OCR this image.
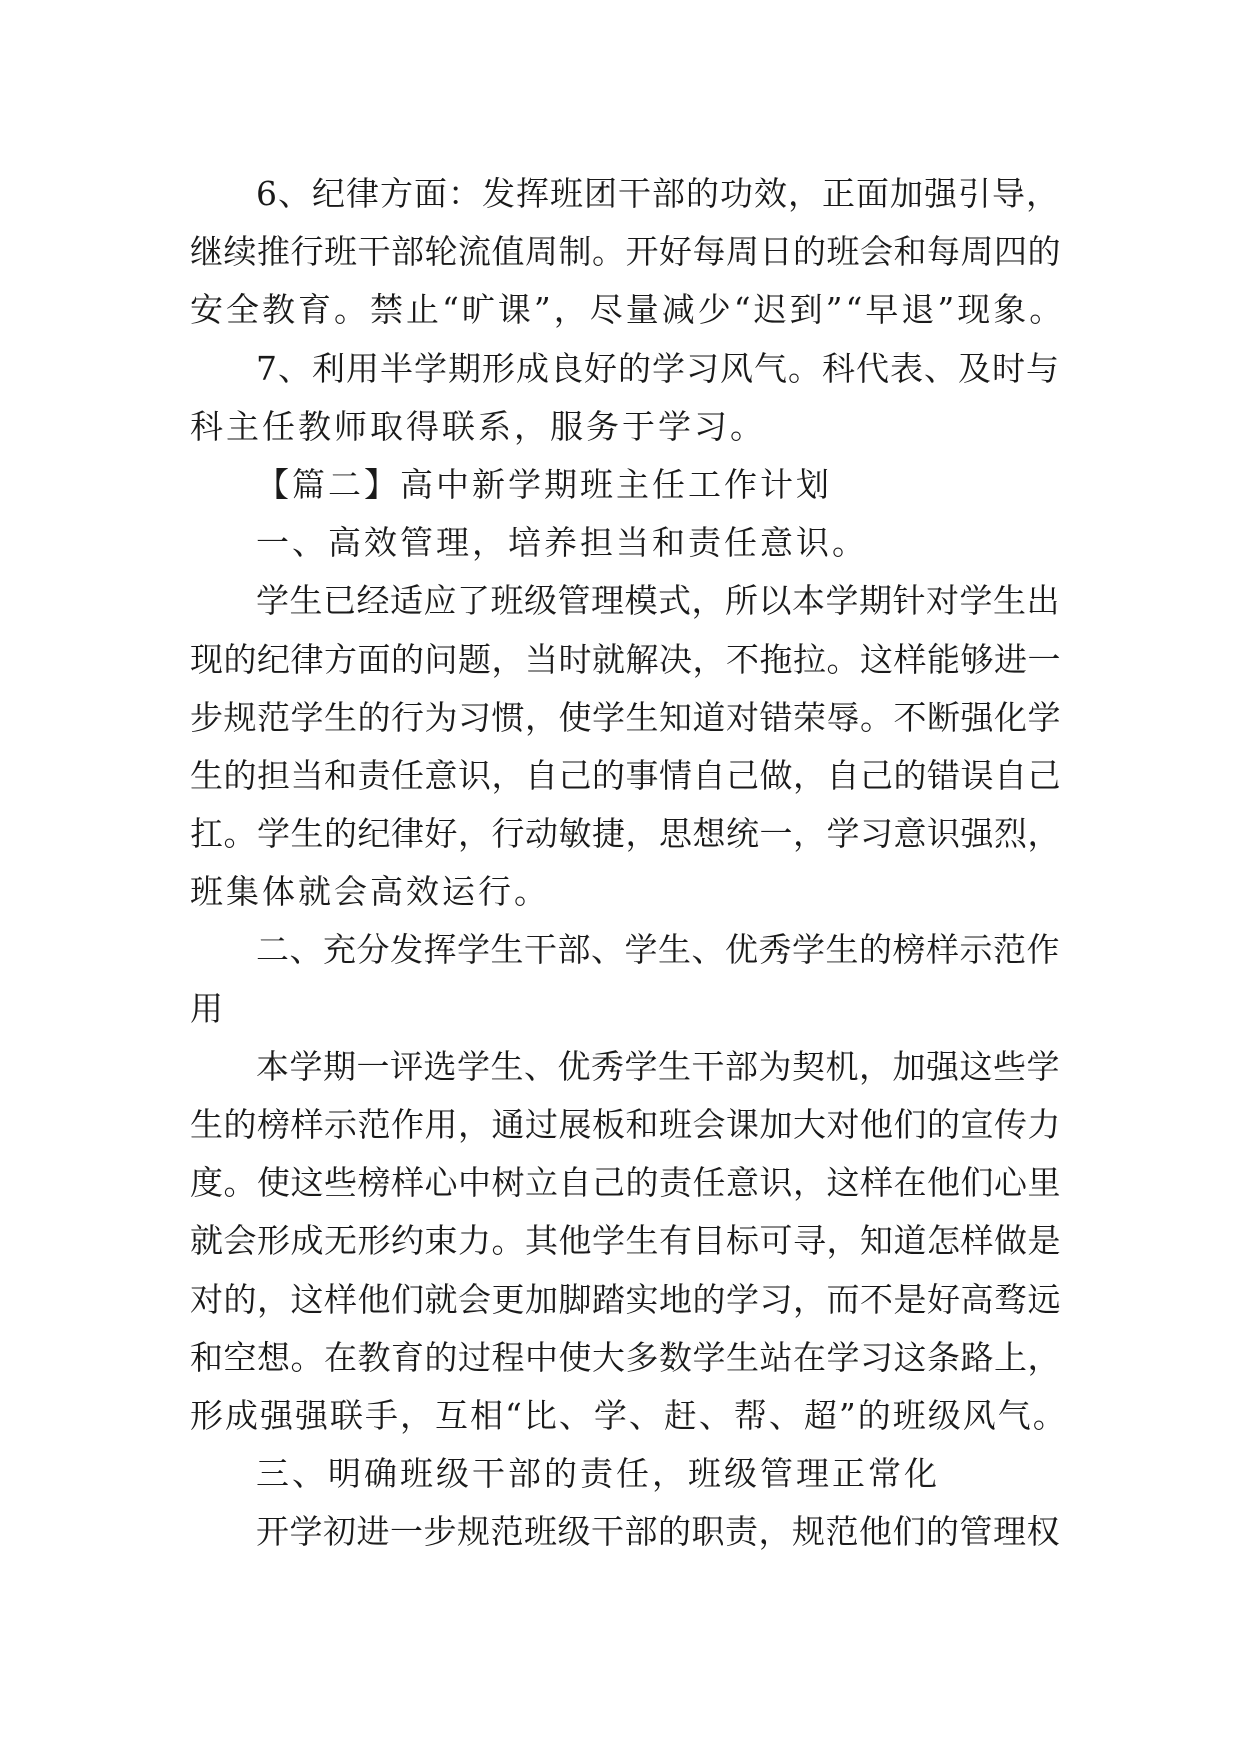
6、纪律方面：发挥班团干部的功效，正面加强引导，
继续推行班干部轮流值周制。开好每周日的班会和每周四的
安全教育。禁止“旷课”，尽量减少“迟到”“早退”现象。
7、利用半学期形成良好的学习风气。科代表、及时与
科主任教师取得联系，服务于学习。
【篇二】高中新学期班主任工作计划
一、高效管理，培养担当和责任意识。
学生已经适应了班级管理模式，所以本学期针对学生出
现的纪律方面的问题，当时就解决，不拖拉。这样能够进一
步规范学生的行为习惯，使学生知道对错荣辱。不断强化学
生的担当和责任意识，自己的事情自己做，自己的错误自己
扛。学生的纪律好，行动敏捷，思想统一，学习意识强烈，
班集体就会高效运行。
二、充分发挥学生干部、学生、优秀学生的榜样示范作
用
本学期一评选学生、优秀学生干部为契机，加强这些学
生的榜样示范作用，通过展板和班会课加大对他们的宣传力
度。使这些榜样心中树立自己的责任意识，这样在他们心里
就会形成无形约束力。其他学生有目标可寻，知道怎样做是
对的，这样他们就会更加脚踏实地的学习，而不是好高骛远
和空想。在教育的过程中使大多数学生站在学习这条路上，
形成强强联手，互相“比、学、赶、帮、超”的班级风气。
三、明确班级干部的责任，班级管理正常化
开学初进一步规范班级干部的职责，规范他们的管理权
